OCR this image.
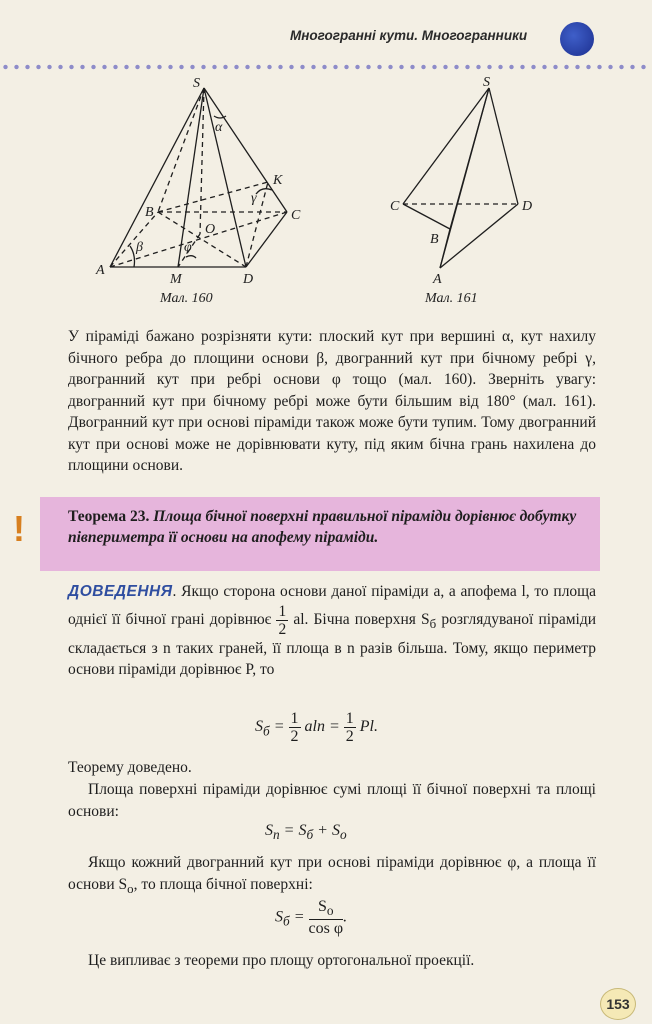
Многогранні кути. Многогранники
S
A
B	C
D
M
O
K
α
β
γ
φ
S
A
B
C	D
Мал. 160	Мал. 161

У піраміді бажано розрізняти кути: плоский кут при вершині α, кут нахилу бічного ребра до площини основи β, двогранний кут при бічному ребрі γ, двогранний кут при ребрі основи φ тощо (мал. 160). Зверніть увагу: двогранний кут при бічному ребрі може бути більшим від 180° (мал. 161). Двогранний кут при основі піраміди також може бути тупим. Тому двогранний кут при основі може не дорівнювати куту, під яким бічна грань нахилена до площини основи.

!	Теорема 23. Площа бічної поверхні правильної піраміди дорівнює добутку півпериметра її основи на апофему піраміди.

ДОВЕДЕННЯ. Якщо сторона основи даної піраміди a, а апофема l, то площа однієї її бічної грані дорівнює $\frac{1}{2}$ al. Бічна поверхня $S_б$ розглядуваної піраміди складається з n таких граней, її площа в n разів більша. Тому, якщо периметр основи піраміди дорівнює P, то

$S_б = \frac{1}{2}$ $aln = \frac{1}{2} Pl$.

Теорему доведено.

Площа поверхні піраміди дорівнює сумі площі її бічної поверхні та площі основи:

$S_п = S_б + S_о$

Якщо кожний двогранний кут при основі піраміди дорівнює φ, а площа її основи $S_о$, то площа бічної поверхні:

$S_б = \frac{S_о}{\text{cos φ}}$ .

Це випливає з теореми про площу ортогональної проекції.

153
